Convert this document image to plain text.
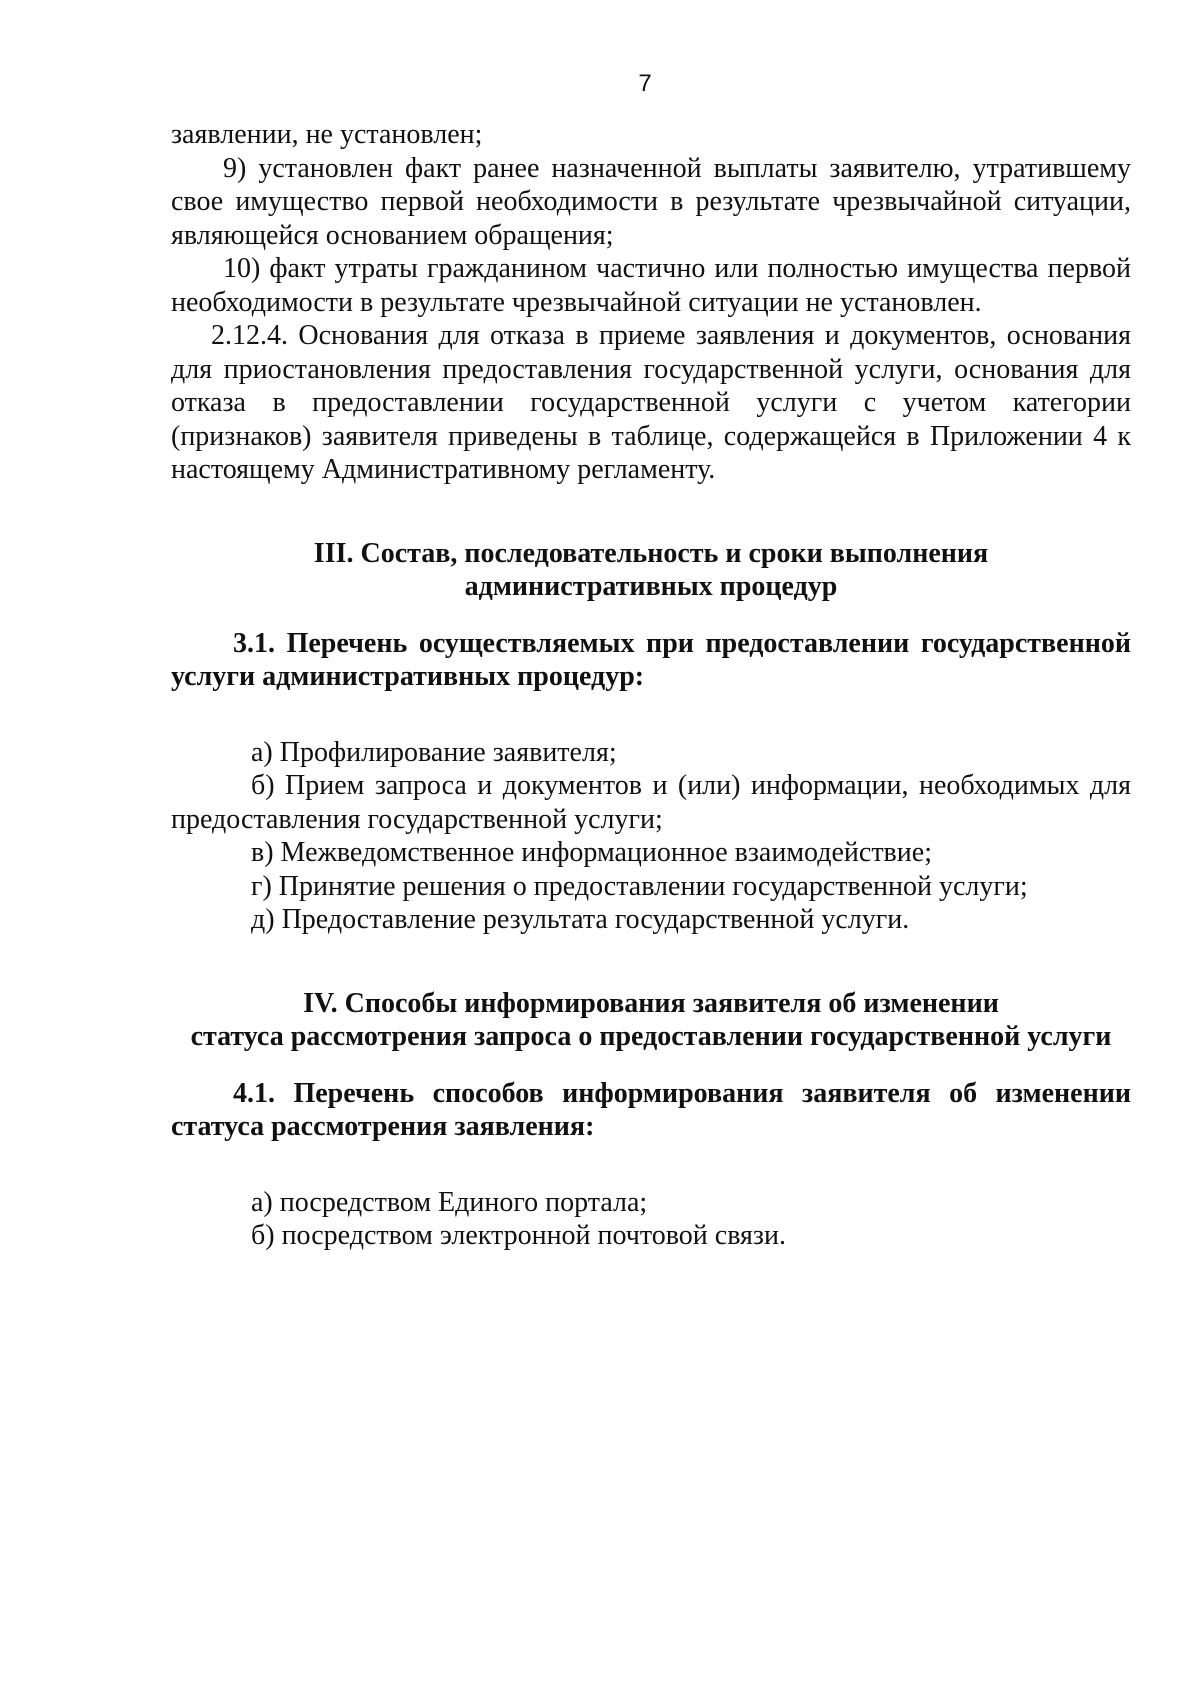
7

заявлении, не установлен;

9) установлен факт ранее назначенной выплаты заявителю, утратившему свое имущество первой необходимости в результате чрезвычайной ситуации, являющейся основанием обращения;

10) факт утраты гражданином частично или полностью имущества первой необходимости в результате чрезвычайной ситуации не установлен.

2.12.4. Основания для отказа в приеме заявления и документов, основания для приостановления предоставления государственной услуги, основания для отказа в предоставлении государственной услуги с учетом категории (признаков) заявителя приведены в таблице, содержащейся в Приложении 4 к настоящему Административному регламенту.

III. Состав, последовательность и сроки выполнения
административных процедур

3.1. Перечень осуществляемых при предоставлении государственной услуги административных процедур:

а) Профилирование заявителя;

б) Прием запроса и документов и (или) информации, необходимых для предоставления государственной услуги;

в) Межведомственное информационное взаимодействие;

г) Принятие решения о предоставлении государственной услуги;

д) Предоставление результата государственной услуги.

IV. Способы информирования заявителя об изменении
статуса рассмотрения запроса о предоставлении государственной услуги

4.1. Перечень способов информирования заявителя об изменении статуса рассмотрения заявления:

а) посредством Единого портала;

б) посредством электронной почтовой связи.
